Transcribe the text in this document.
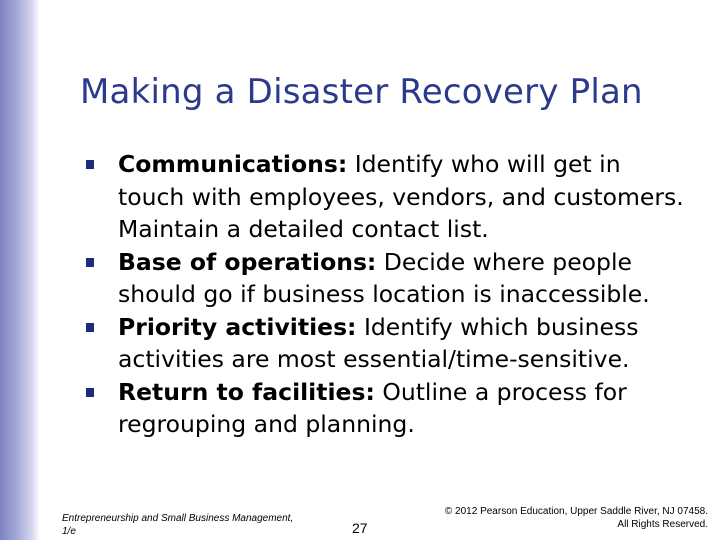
Making a Disaster Recovery Plan
Communications: Identify who will get in touch with employees, vendors, and customers. Maintain a detailed contact list.
Base of operations: Decide where people should go if business location is inaccessible.
Priority activities: Identify which business activities are most essential/time-sensitive.
Return to facilities: Outline a process for regrouping and planning.
Entrepreneurship and Small Business Management,
1/e	27
© 2012 Pearson Education, Upper Saddle River, NJ 07458.
All Rights Reserved.
